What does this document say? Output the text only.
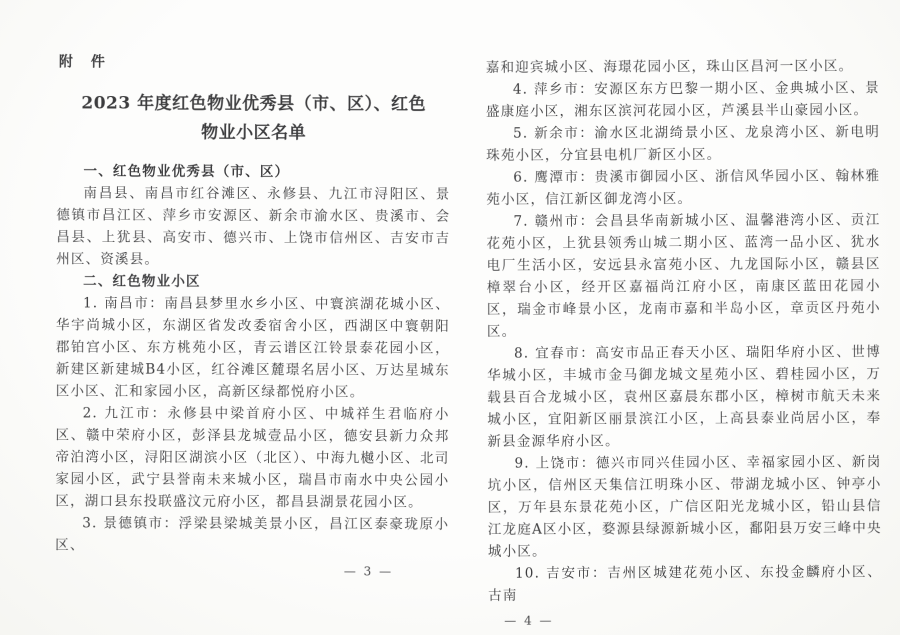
附　件
2023 年度红色物业优秀县（市、区）、红色
物业小区名单

一、红色物业优秀县（市、区）

南昌县、南昌市红谷滩区、永修县、九江市浔阳区、景德镇市昌江区、萍乡市安源区、新余市渝水区、贵溪市、会昌县、上犹县、高安市、德兴市、上饶市信州区、吉安市吉州区、资溪县。

二、红色物业小区

1. 南昌市：南昌县梦里水乡小区、中寰滨湖花城小区、华宇尚城小区，东湖区省发改委宿舍小区，西湖区中寰朝阳郡铂宫小区、东方桃苑小区，青云谱区江铃景泰花园小区，新建区新建城B4小区，红谷滩区麓璟名居小区、万达星城东区小区、汇和家园小区，高新区绿都悦府小区。

2. 九江市：永修县中梁首府小区、中城祥生君临府小区、赣中荣府小区，彭泽县龙城壹品小区，德安县新力众邦帝泊湾小区，浔阳区湖滨小区（北区）、中海九樾小区、北司家园小区，武宁县誉南未来城小区，瑞昌市南水中央公园小区，湖口县东投联盛汶元府小区，都昌县湖景花园小区。

3. 景德镇市：浮梁县梁城美景小区，昌江区泰豪珑原小区、

— 3 —

嘉和迎宾城小区、海璟花园小区，珠山区昌河一区小区。

4. 萍乡市：安源区东方巴黎一期小区、金典城小区、景盛康庭小区，湘东区滨河花园小区，芦溪县半山豪园小区。

5. 新余市：渝水区北湖绮景小区、龙泉湾小区、新电明珠苑小区，分宜县电机厂新区小区。

6. 鹰潭市：贵溪市御园小区、浙信风华园小区、翰林雅苑小区，信江新区御龙湾小区。

7. 赣州市：会昌县华南新城小区、温馨港湾小区、贡江花苑小区，上犹县领秀山城二期小区、蓝湾一品小区、犹水电厂生活小区，安远县永富苑小区、九龙国际小区，赣县区樟翠台小区，经开区嘉福尚江府小区，南康区蓝田花园小区，瑞金市峰景小区，龙南市嘉和半岛小区，章贡区丹苑小区。

8. 宜春市：高安市品正春天小区、瑞阳华府小区、世博华城小区，丰城市金马御龙城文星苑小区、碧桂园小区，万载县百合龙城小区，袁州区嘉晨东郡小区，樟树市航天未来城小区，宜阳新区丽景滨江小区，上高县泰业尚居小区，奉新县金源华府小区。

9. 上饶市：德兴市同兴佳园小区、幸福家园小区、新岗坑小区，信州区天集信江明珠小区、带湖龙城小区、钟亭小区，万年县东景花苑小区，广信区阳光龙城小区，铅山县信江龙庭A区小区，婺源县绿源新城小区，鄱阳县万安三峰中央城小区。

10. 吉安市：吉州区城建花苑小区、东投金麟府小区、古南

— 4 —
